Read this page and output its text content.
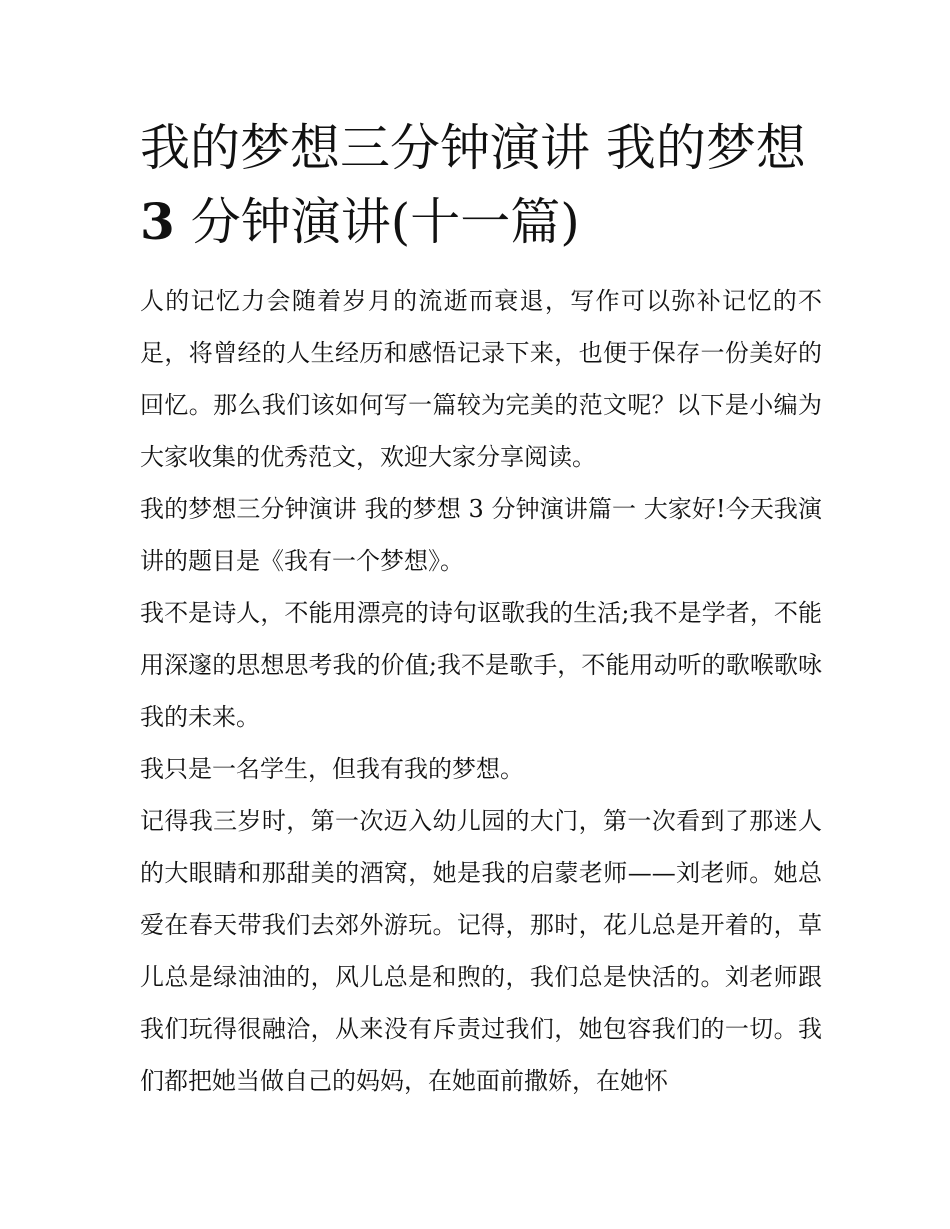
我的梦想三分钟演讲 我的梦想
3 分钟演讲(十一篇)

人的记忆力会随着岁月的流逝而衰退，写作可以弥补记忆的不足，将曾经的人生经历和感悟记录下来，也便于保存一份美好的回忆。那么我们该如何写一篇较为完美的范文呢？以下是小编为大家收集的优秀范文，欢迎大家分享阅读。

我的梦想三分钟演讲 我的梦想 3 分钟演讲篇一 大家好!今天我演讲的题目是《我有一个梦想》。

我不是诗人，不能用漂亮的诗句讴歌我的生活;我不是学者，不能用深邃的思想思考我的价值;我不是歌手，不能用动听的歌喉歌咏我的未来。

我只是一名学生，但我有我的梦想。

记得我三岁时，第一次迈入幼儿园的大门，第一次看到了那迷人的大眼睛和那甜美的酒窝，她是我的启蒙老师——刘老师。她总爱在春天带我们去郊外游玩。记得，那时，花儿总是开着的，草儿总是绿油油的，风儿总是和煦的，我们总是快活的。刘老师跟我们玩得很融洽，从来没有斥责过我们，她包容我们的一切。我们都把她当做自己的妈妈，在她面前撒娇，在她怀
